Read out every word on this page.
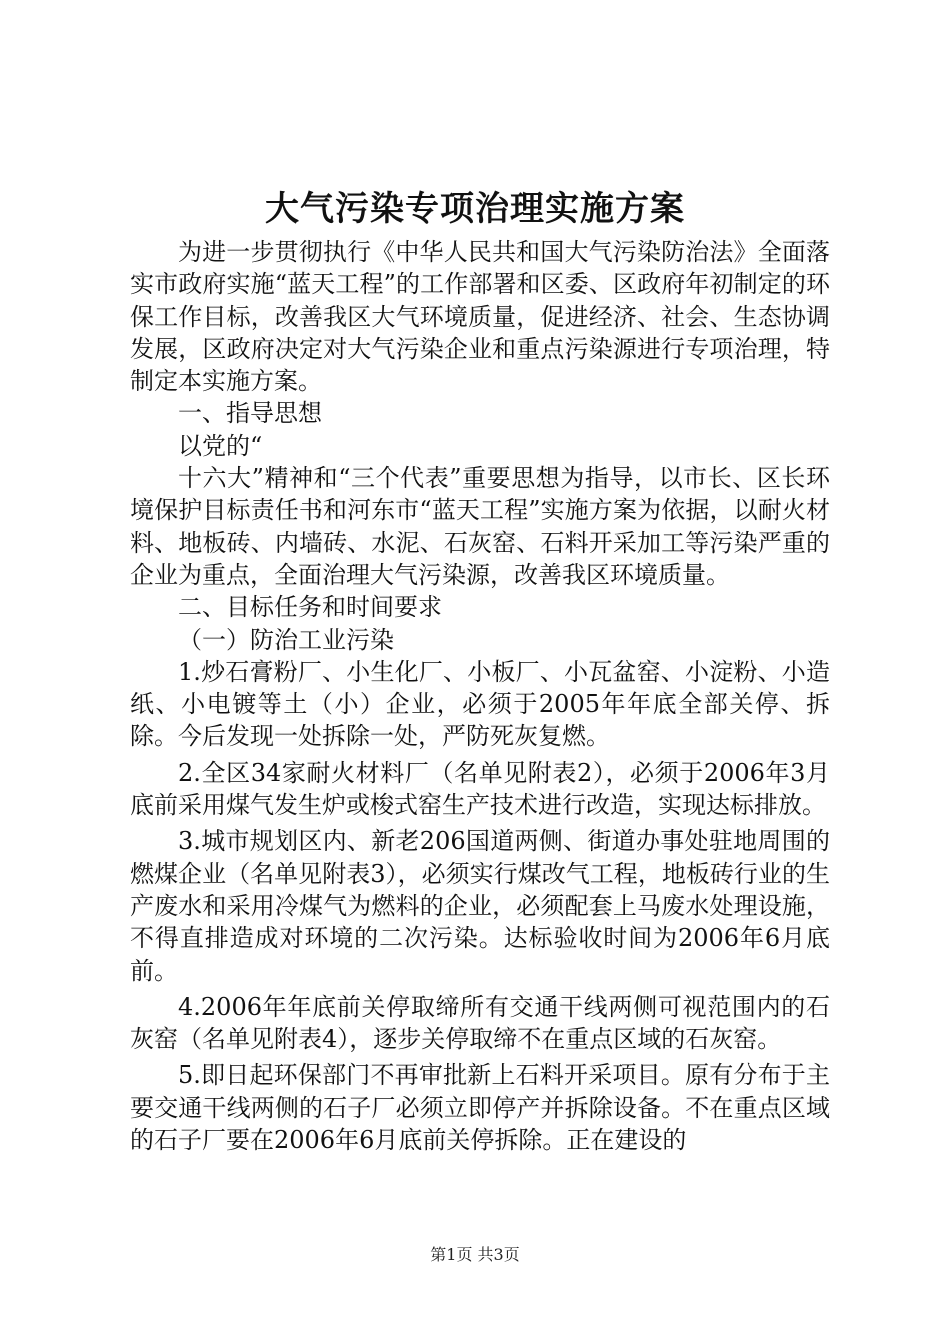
大气污染专项治理实施方案

为进一步贯彻执行《中华人民共和国大气污染防治法》全面落实市政府实施“蓝天工程”的工作部署和区委、区政府年初制定的环保工作目标，改善我区大气环境质量，促进经济、社会、生态协调发展，区政府决定对大气污染企业和重点污染源进行专项治理，特制定本实施方案。

一、指导思想

以党的“

十六大”精神和“三个代表”重要思想为指导，以市长、区长环境保护目标责任书和河东市“蓝天工程”实施方案为依据，以耐火材料、地板砖、内墙砖、水泥、石灰窑、石料开采加工等污染严重的企业为重点，全面治理大气污染源，改善我区环境质量。

二、目标任务和时间要求

（一）防治工业污染

1.炒石膏粉厂、小生化厂、小板厂、小瓦盆窑、小淀粉、小造纸、小电镀等土（小）企业，必须于2005年年底全部关停、拆除。今后发现一处拆除一处，严防死灰复燃。

2.全区34家耐火材料厂（名单见附表2），必须于2006年3月底前采用煤气发生炉或梭式窑生产技术进行改造，实现达标排放。

3.城市规划区内、新老206国道两侧、街道办事处驻地周围的燃煤企业（名单见附表3），必须实行煤改气工程，地板砖行业的生产废水和采用冷煤气为燃料的企业，必须配套上马废水处理设施，不得直排造成对环境的二次污染。达标验收时间为2006年6月底前。

4.2006年年底前关停取缔所有交通干线两侧可视范围内的石灰窑（名单见附表4），逐步关停取缔不在重点区域的石灰窑。

5.即日起环保部门不再审批新上石料开采项目。原有分布于主要交通干线两侧的石子厂必须立即停产并拆除设备。不在重点区域的石子厂要在2006年6月底前关停拆除。正在建设的

第1页 共3页
